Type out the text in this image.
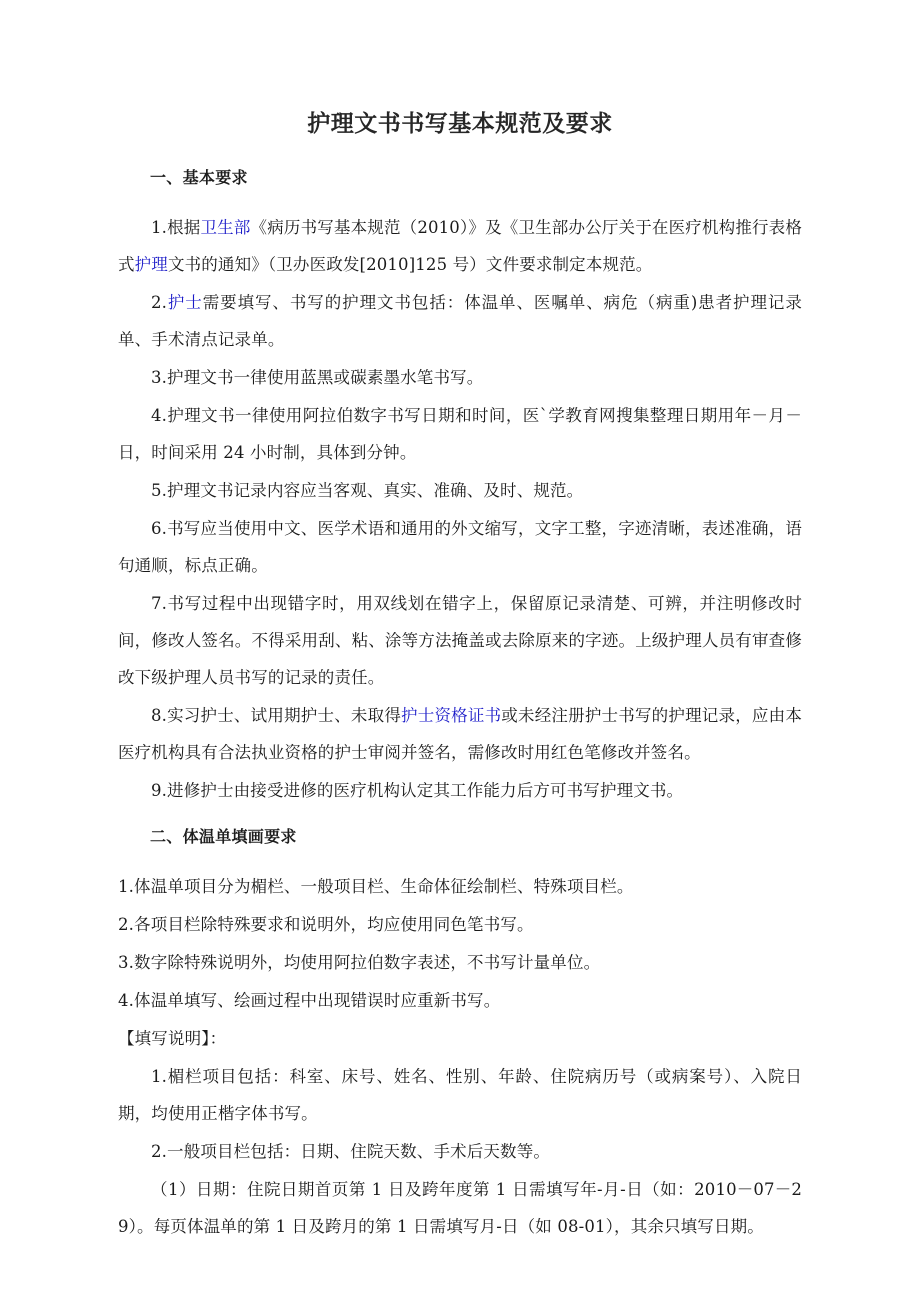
护理文书书写基本规范及要求
一、基本要求

1.根据卫生部《病历书写基本规范（2010）》及《卫生部办公厅关于在医疗机构推行表格式护理文书的通知》（卫办医政发[2010]125 号）文件要求制定本规范。

2.护士需要填写、书写的护理文书包括：体温单、医嘱单、病危（病重)患者护理记录单、手术清点记录单。

3.护理文书一律使用蓝黑或碳素墨水笔书写。

4.护理文书一律使用阿拉伯数字书写日期和时间，医`学教育网搜集整理日期用年－月－日，时间采用 24 小时制，具体到分钟。

5.护理文书记录内容应当客观、真实、准确、及时、规范。

6.书写应当使用中文、医学术语和通用的外文缩写，文字工整，字迹清晰，表述准确，语句通顺，标点正确。

7.书写过程中出现错字时，用双线划在错字上，保留原记录清楚、可辨，并注明修改时间，修改人签名。不得采用刮、粘、涂等方法掩盖或去除原来的字迹。上级护理人员有审查修改下级护理人员书写的记录的责任。

8.实习护士、试用期护士、未取得护士资格证书或未经注册护士书写的护理记录，应由本医疗机构具有合法执业资格的护士审阅并签名，需修改时用红色笔修改并签名。

9.进修护士由接受进修的医疗机构认定其工作能力后方可书写护理文书。

二、体温单填画要求

1.体温单项目分为楣栏、一般项目栏、生命体征绘制栏、特殊项目栏。

2.各项目栏除特殊要求和说明外，均应使用同色笔书写。

3.数字除特殊说明外，均使用阿拉伯数字表述，不书写计量单位。

4.体温单填写、绘画过程中出现错误时应重新书写。

【填写说明】：

1.楣栏项目包括：科室、床号、姓名、性别、年龄、住院病历号（或病案号）、入院日期，均使用正楷字体书写。

2.一般项目栏包括：日期、住院天数、手术后天数等。

（1）日期：住院日期首页第 1 日及跨年度第 1 日需填写年-月-日（如：2010－07－29）。每页体温单的第 1 日及跨月的第 1 日需填写月-日（如 08-01），其余只填写日期。
